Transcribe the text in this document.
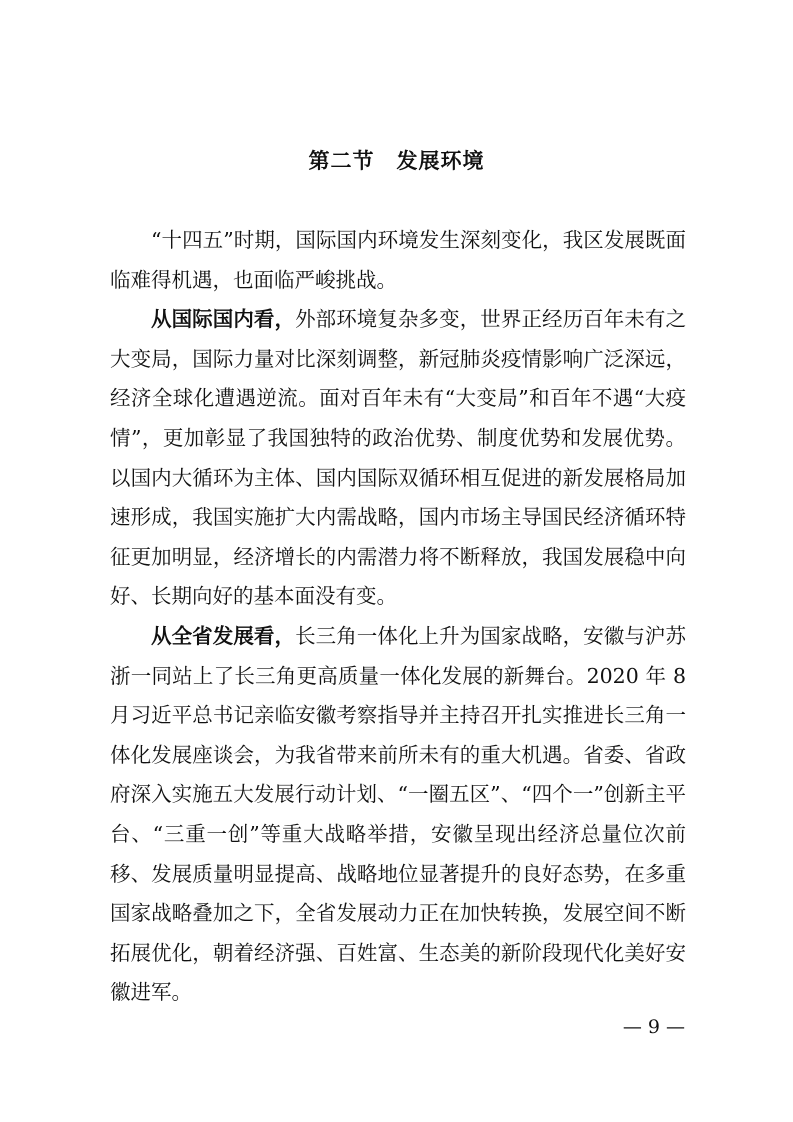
第二节　发展环境

“十四五”时期，国际国内环境发生深刻变化，我区发展既面临难得机遇，也面临严峻挑战。

从国际国内看，外部环境复杂多变，世界正经历百年未有之大变局，国际力量对比深刻调整，新冠肺炎疫情影响广泛深远，经济全球化遭遇逆流。面对百年未有“大变局”和百年不遇“大疫情”，更加彰显了我国独特的政治优势、制度优势和发展优势。以国内大循环为主体、国内国际双循环相互促进的新发展格局加速形成，我国实施扩大内需战略，国内市场主导国民经济循环特征更加明显，经济增长的内需潜力将不断释放，我国发展稳中向好、长期向好的基本面没有变。

从全省发展看，长三角一体化上升为国家战略，安徽与沪苏浙一同站上了长三角更高质量一体化发展的新舞台。2020 年 8 月习近平总书记亲临安徽考察指导并主持召开扎实推进长三角一体化发展座谈会，为我省带来前所未有的重大机遇。省委、省政府深入实施五大发展行动计划、“一圈五区”、“四个一”创新主平台、“三重一创”等重大战略举措，安徽呈现出经济总量位次前移、发展质量明显提高、战略地位显著提升的良好态势，在多重国家战略叠加之下，全省发展动力正在加快转换，发展空间不断拓展优化，朝着经济强、百姓富、生态美的新阶段现代化美好安徽进军。

— 9 —
